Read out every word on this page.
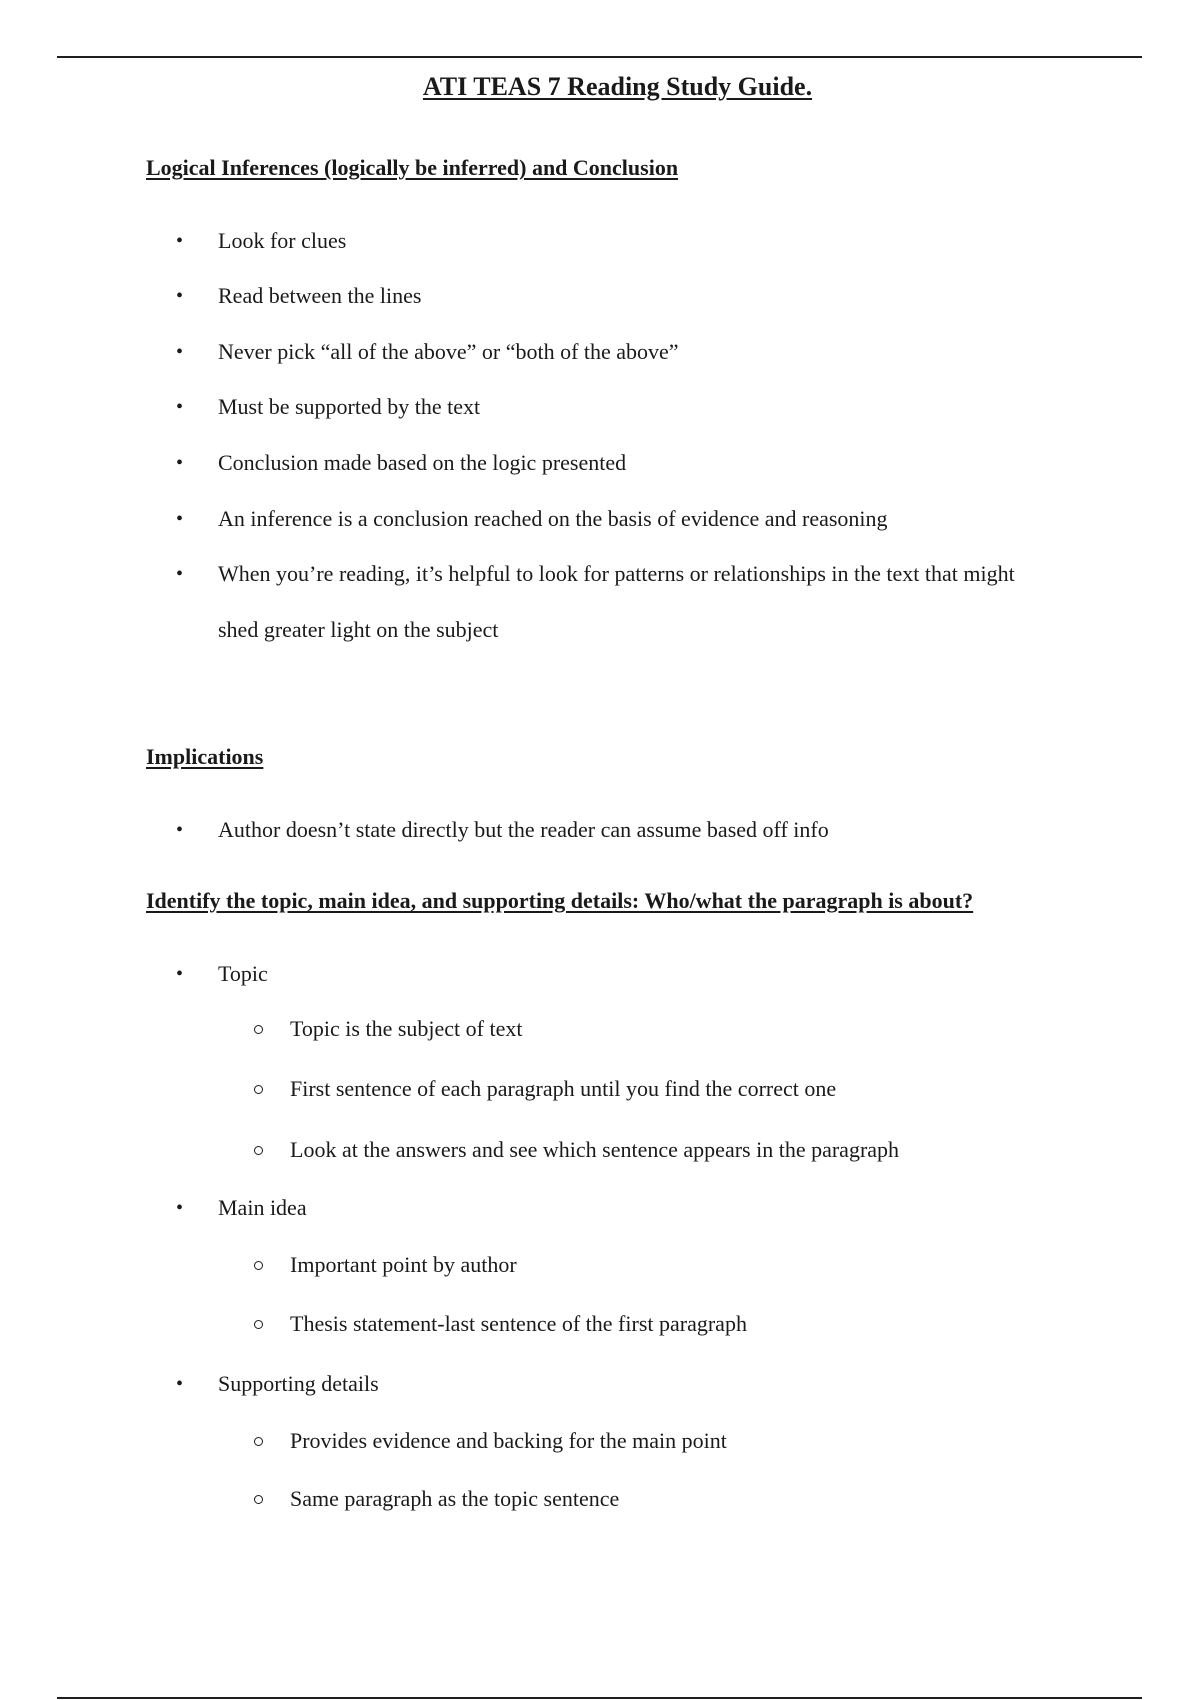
ATI TEAS 7 Reading Study Guide.
Logical Inferences (logically be inferred) and Conclusion
• Look for clues
• Read between the lines
• Never pick “all of the above” or “both of the above”
• Must be supported by the text
• Conclusion made based on the logic presented
• An inference is a conclusion reached on the basis of evidence and reasoning
• When you’re reading, it’s helpful to look for patterns or relationships in the text that might shed greater light on the subject
Implications
• Author doesn’t state directly but the reader can assume based off info
Identify the topic, main idea, and supporting details: Who/what the paragraph is about?
• Topic
Topic is the subject of text
First sentence of each paragraph until you find the correct one
Look at the answers and see which sentence appears in the paragraph
• Main idea
Important point by author
Thesis statement-last sentence of the first paragraph
• Supporting details
Provides evidence and backing for the main point
Same paragraph as the topic sentence
